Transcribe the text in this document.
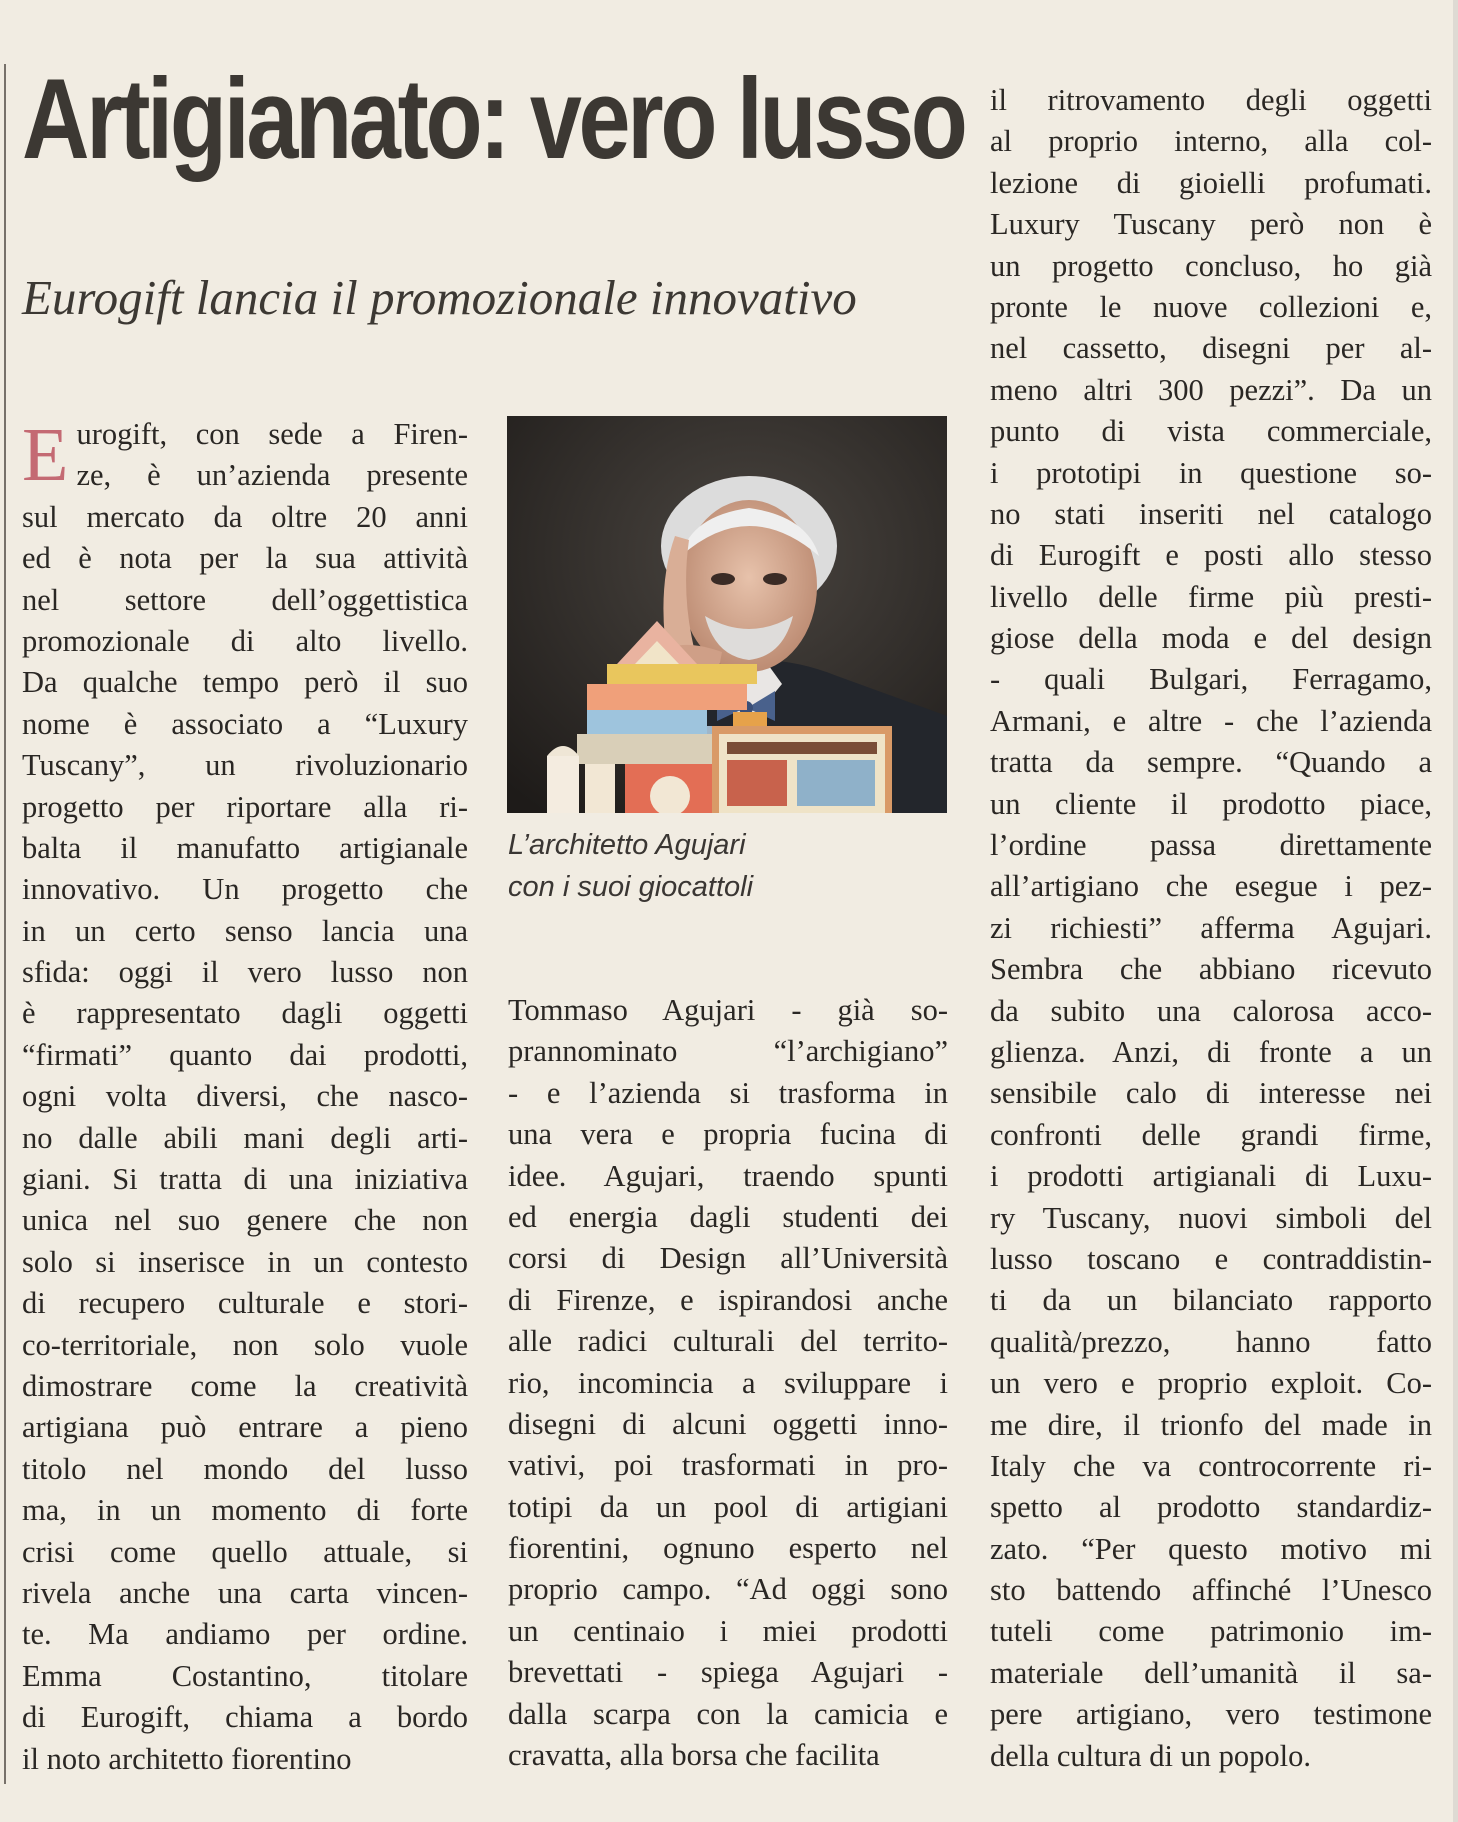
Artigianato: vero lusso
Eurogift lancia il promozionale innovativo
E urogift, con sede a Firen-
ze, è un’azienda presente
sul mercato da oltre 20 anni
ed è nota per la sua attività
nel settore dell’oggettistica
promozionale di alto livello.
Da qualche tempo però il suo
nome è associato a “Luxury
Tuscany”, un rivoluzionario
progetto per riportare alla ri-
balta il manufatto artigianale
innovativo. Un progetto che
in un certo senso lancia una
sfida: oggi il vero lusso non
è rappresentato dagli oggetti
“firmati” quanto dai prodotti,
ogni volta diversi, che nasco-
no dalle abili mani degli arti-
giani. Si tratta di una iniziativa
unica nel suo genere che non
solo si inserisce in un contesto
di recupero culturale e stori-
co-territoriale, non solo vuole
dimostrare come la creatività
artigiana può entrare a pieno
titolo nel mondo del lusso
ma, in un momento di forte
crisi come quello attuale, si
rivela anche una carta vincen-
te. Ma andiamo per ordine.
Emma Costantino, titolare
di Eurogift, chiama a bordo
il noto architetto fiorentino
L’architetto Agujari
con i suoi giocattoli
Tommaso Agujari - già so-
prannominato “l’archigiano”
- e l’azienda si trasforma in
una vera e propria fucina di
idee. Agujari, traendo spunti
ed energia dagli studenti dei
corsi di Design all’Università
di Firenze, e ispirandosi anche
alle radici culturali del territo-
rio, incomincia a sviluppare i
disegni di alcuni oggetti inno-
vativi, poi trasformati in pro-
totipi da un pool di artigiani
fiorentini, ognuno esperto nel
proprio campo. “Ad oggi sono
un centinaio i miei prodotti
brevettati - spiega Agujari -
dalla scarpa con la camicia e
cravatta, alla borsa che facilita
il ritrovamento degli oggetti
al proprio interno, alla col-
lezione di gioielli profumati.
Luxury Tuscany però non è
un progetto concluso, ho già
pronte le nuove collezioni e,
nel cassetto, disegni per al-
meno altri 300 pezzi”. Da un
punto di vista commerciale,
i prototipi in questione so-
no stati inseriti nel catalogo
di Eurogift e posti allo stesso
livello delle firme più presti-
giose della moda e del design
- quali Bulgari, Ferragamo,
Armani, e altre - che l’azienda
tratta da sempre. “Quando a
un cliente il prodotto piace,
l’ordine passa direttamente
all’artigiano che esegue i pez-
zi richiesti” afferma Agujari.
Sembra che abbiano ricevuto
da subito una calorosa acco-
glienza. Anzi, di fronte a un
sensibile calo di interesse nei
confronti delle grandi firme,
i prodotti artigianali di Luxu-
ry Tuscany, nuovi simboli del
lusso toscano e contraddistin-
ti da un bilanciato rapporto
qualità/prezzo, hanno fatto
un vero e proprio exploit. Co-
me dire, il trionfo del made in
Italy che va controcorrente ri-
spetto al prodotto standardiz-
zato. “Per questo motivo mi
sto battendo affinché l’Unesco
tuteli come patrimonio im-
materiale dell’umanità il sa-
pere artigiano, vero testimone
della cultura di un popolo.
